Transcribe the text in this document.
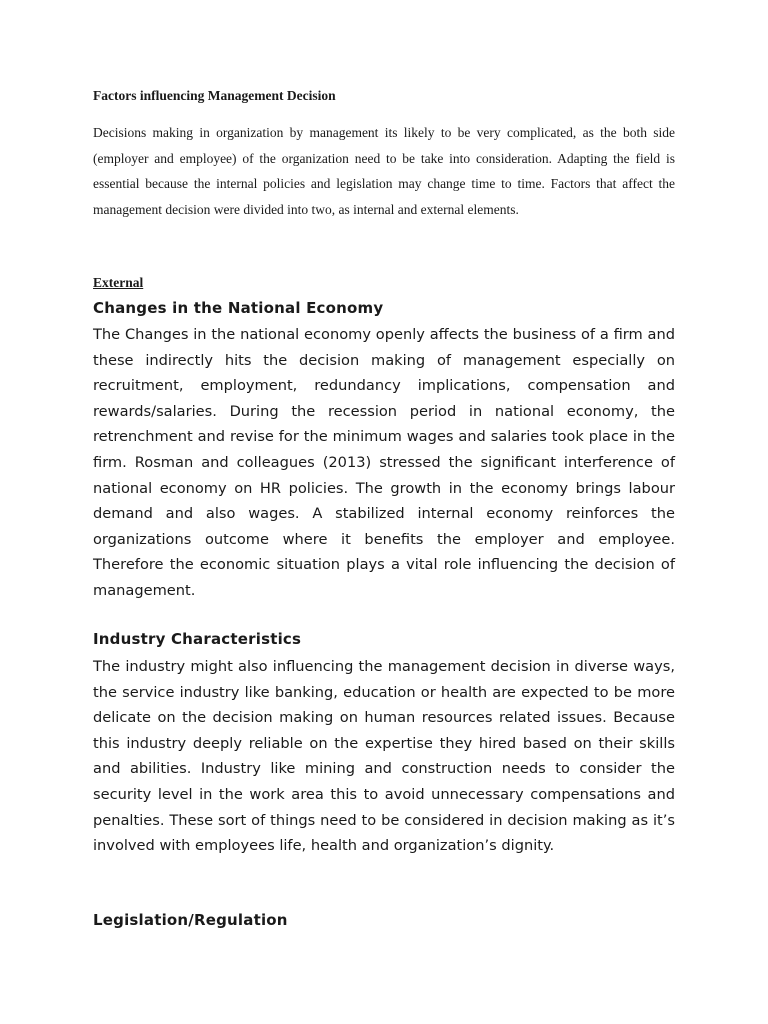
Factors influencing Management Decision

Decisions making in organization by management its likely to be very complicated, as the both side (employer and employee) of the organization need to be take into consideration. Adapting the field is essential because the internal policies and legislation may change time to time. Factors that affect the management decision were divided into two, as internal and external elements.

External

Changes in the National Economy

The Changes in the national economy openly affects the business of a firm and these indirectly hits the decision making of management especially on recruitment, employment, redundancy implications, compensation and rewards/salaries. During the recession period in national economy, the retrenchment and revise for the minimum wages and salaries took place in the firm. Rosman and colleagues (2013) stressed the significant interference of national economy on HR policies. The growth in the economy brings labour demand and also wages. A stabilized internal economy reinforces the organizations outcome where it benefits the employer and employee. Therefore the economic situation plays a vital role influencing the decision of management.

Industry Characteristics

The industry might also influencing the management decision in diverse ways, the service industry like banking, education or health are expected to be more delicate on the decision making on human resources related issues. Because this industry deeply reliable on the expertise they hired based on their skills and abilities. Industry like mining and construction needs to consider the security level in the work area this to avoid unnecessary compensations and penalties. These sort of things need to be considered in decision making as it’s involved with employees life, health and organization’s dignity.

Legislation/Regulation
